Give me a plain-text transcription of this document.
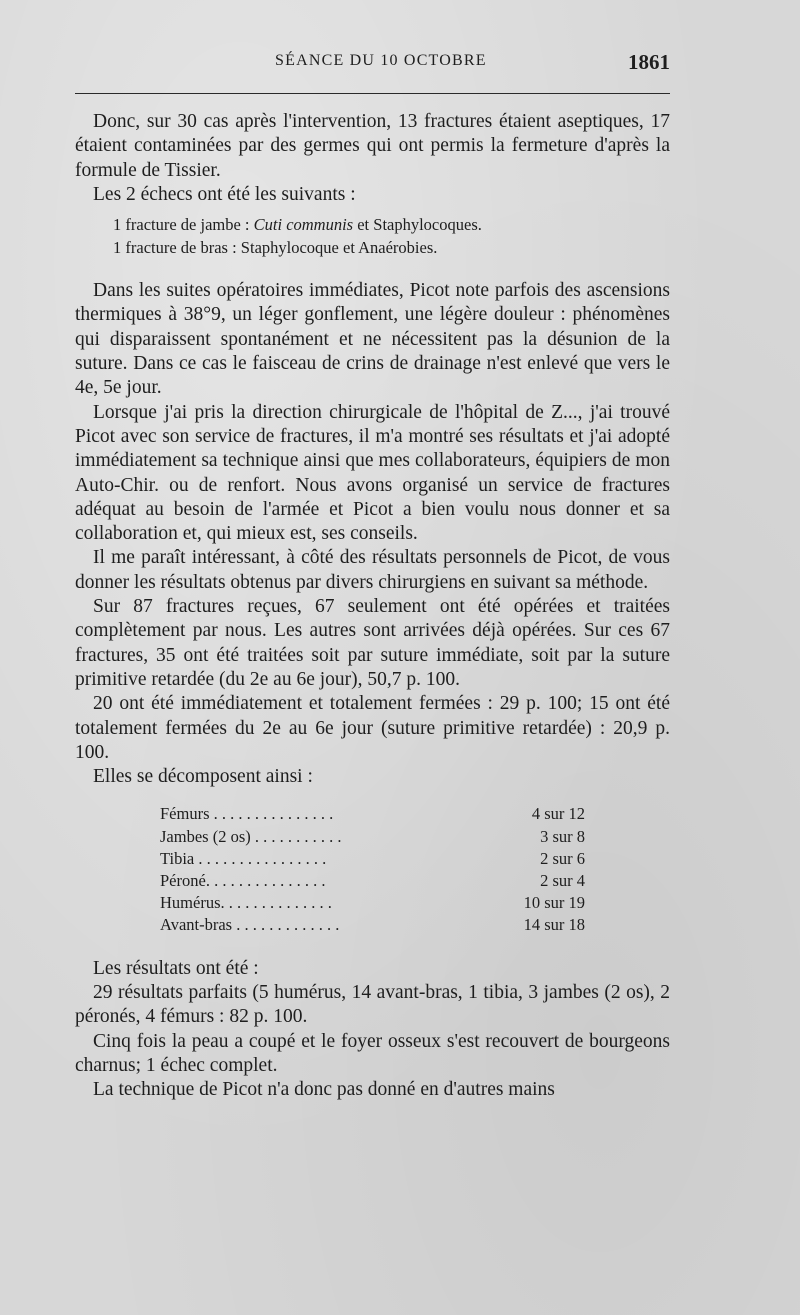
SÉANCE DU 10 OCTOBRE	1861

Donc, sur 30 cas après l'intervention, 13 fractures étaient aseptiques, 17 étaient contaminées par des germes qui ont permis la fermeture d'après la formule de Tissier.

Les 2 échecs ont été les suivants :

1 fracture de jambe : Cuti communis et Staphylocoques.

1 fracture de bras : Staphylocoque et Anaérobies.

Dans les suites opératoires immédiates, Picot note parfois des ascensions thermiques à 38°9, un léger gonflement, une légère douleur : phénomènes qui disparaissent spontanément et ne nécessitent pas la désunion de la suture. Dans ce cas le faisceau de crins de drainage n'est enlevé que vers le 4e, 5e jour.

Lorsque j'ai pris la direction chirurgicale de l'hôpital de Z..., j'ai trouvé Picot avec son service de fractures, il m'a montré ses résultats et j'ai adopté immédiatement sa technique ainsi que mes collaborateurs, équipiers de mon Auto-Chir. ou de renfort. Nous avons organisé un service de fractures adéquat au besoin de l'armée et Picot a bien voulu nous donner et sa collaboration et, qui mieux est, ses conseils.

Il me paraît intéressant, à côté des résultats personnels de Picot, de vous donner les résultats obtenus par divers chirurgiens en suivant sa méthode.

Sur 87 fractures reçues, 67 seulement ont été opérées et traitées complètement par nous. Les autres sont arrivées déjà opérées. Sur ces 67 fractures, 35 ont été traitées soit par suture immédiate, soit par la suture primitive retardée (du 2e au 6e jour), 50,7 p. 100.

20 ont été immédiatement et totalement fermées : 29 p. 100; 15 ont été totalement fermées du 2e au 6e jour (suture primitive retardée) : 20,9 p. 100.

Elles se décomposent ainsi :

Fémurs . . . . . . . . . . . . . . .	4 sur 12
Jambes (2 os) . . . . . . . . . . .	3 sur 8
Tibia . . . . . . . . . . . . . . . .	2 sur 6
Péroné. . . . . . . . . . . . . . .	2 sur 4
Humérus. . . . . . . . . . . . . .	10 sur 19
Avant-bras . . . . . . . . . . . . .	14 sur 18

Les résultats ont été :

29 résultats parfaits (5 humérus, 14 avant-bras, 1 tibia, 3 jambes (2 os), 2 péronés, 4 fémurs : 82 p. 100.

Cinq fois la peau a coupé et le foyer osseux s'est recouvert de bourgeons charnus; 1 échec complet.

La technique de Picot n'a donc pas donné en d'autres mains
